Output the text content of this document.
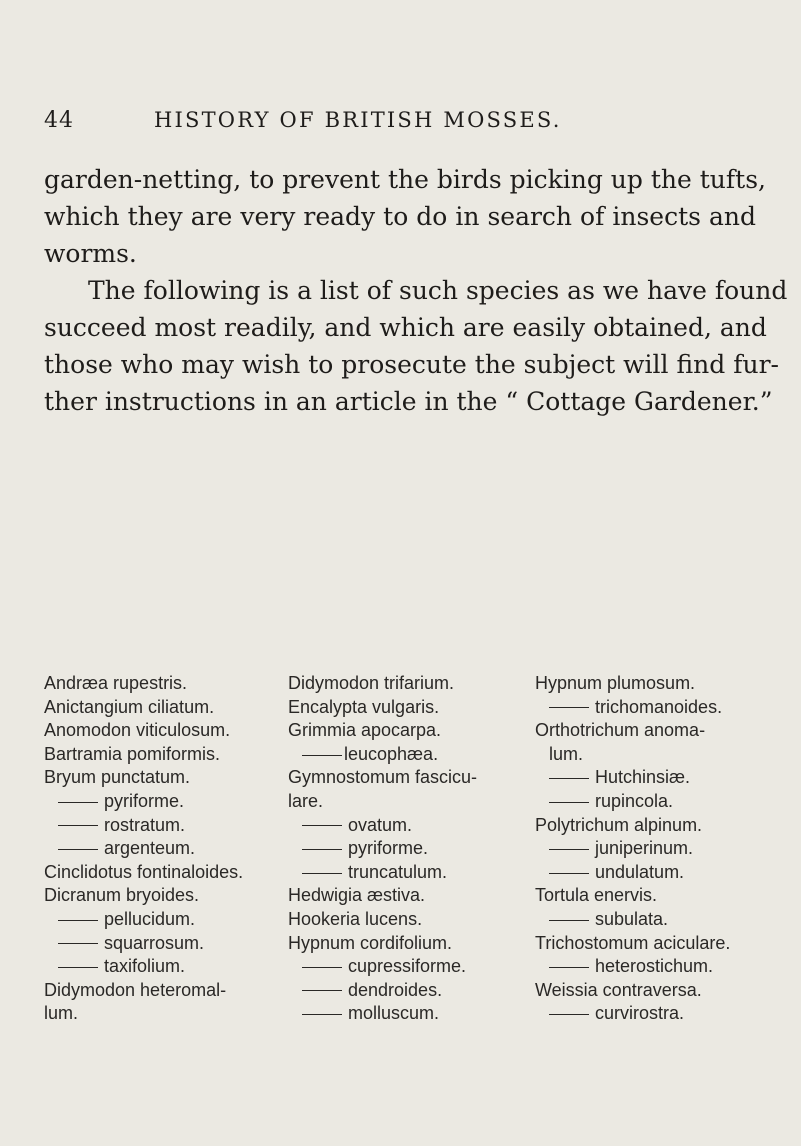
44	HISTORY OF BRITISH MOSSES.
garden-netting, to prevent the birds picking up the tufts,
which they are very ready to do in search of insects and
worms.
The following is a list of such species as we have found
succeed most readily, and which are easily obtained, and
those who may wish to prosecute the subject will find fur-
ther instructions in an article in the “ Cottage Gardener.”
Andræa rupestris.
Anictangium ciliatum.
Anomodon viticulosum.
Bartramia pomiformis.
Bryum punctatum.
pyriforme.
rostratum.
argenteum.
Cinclidotus fontinaloides.
Dicranum bryoides.
pellucidum.
squarrosum.
taxifolium.
Didymodon heteromal-
lum.
Didymodon trifarium.
Encalypta vulgaris.
Grimmia apocarpa.
leucophæa.
Gymnostomum fascicu-
lare.
ovatum.
pyriforme.
truncatulum.
Hedwigia æstiva.
Hookeria lucens.
Hypnum cordifolium.
cupressiforme.
dendroides.
molluscum.
Hypnum plumosum.
trichomanoides.
Orthotrichum anoma-
lum.
Hutchinsiæ.
rupincola.
Polytrichum alpinum.
juniperinum.
undulatum.
Tortula enervis.
subulata.
Trichostomum aciculare.
heterostichum.
Weissia contraversa.
curvirostra.
